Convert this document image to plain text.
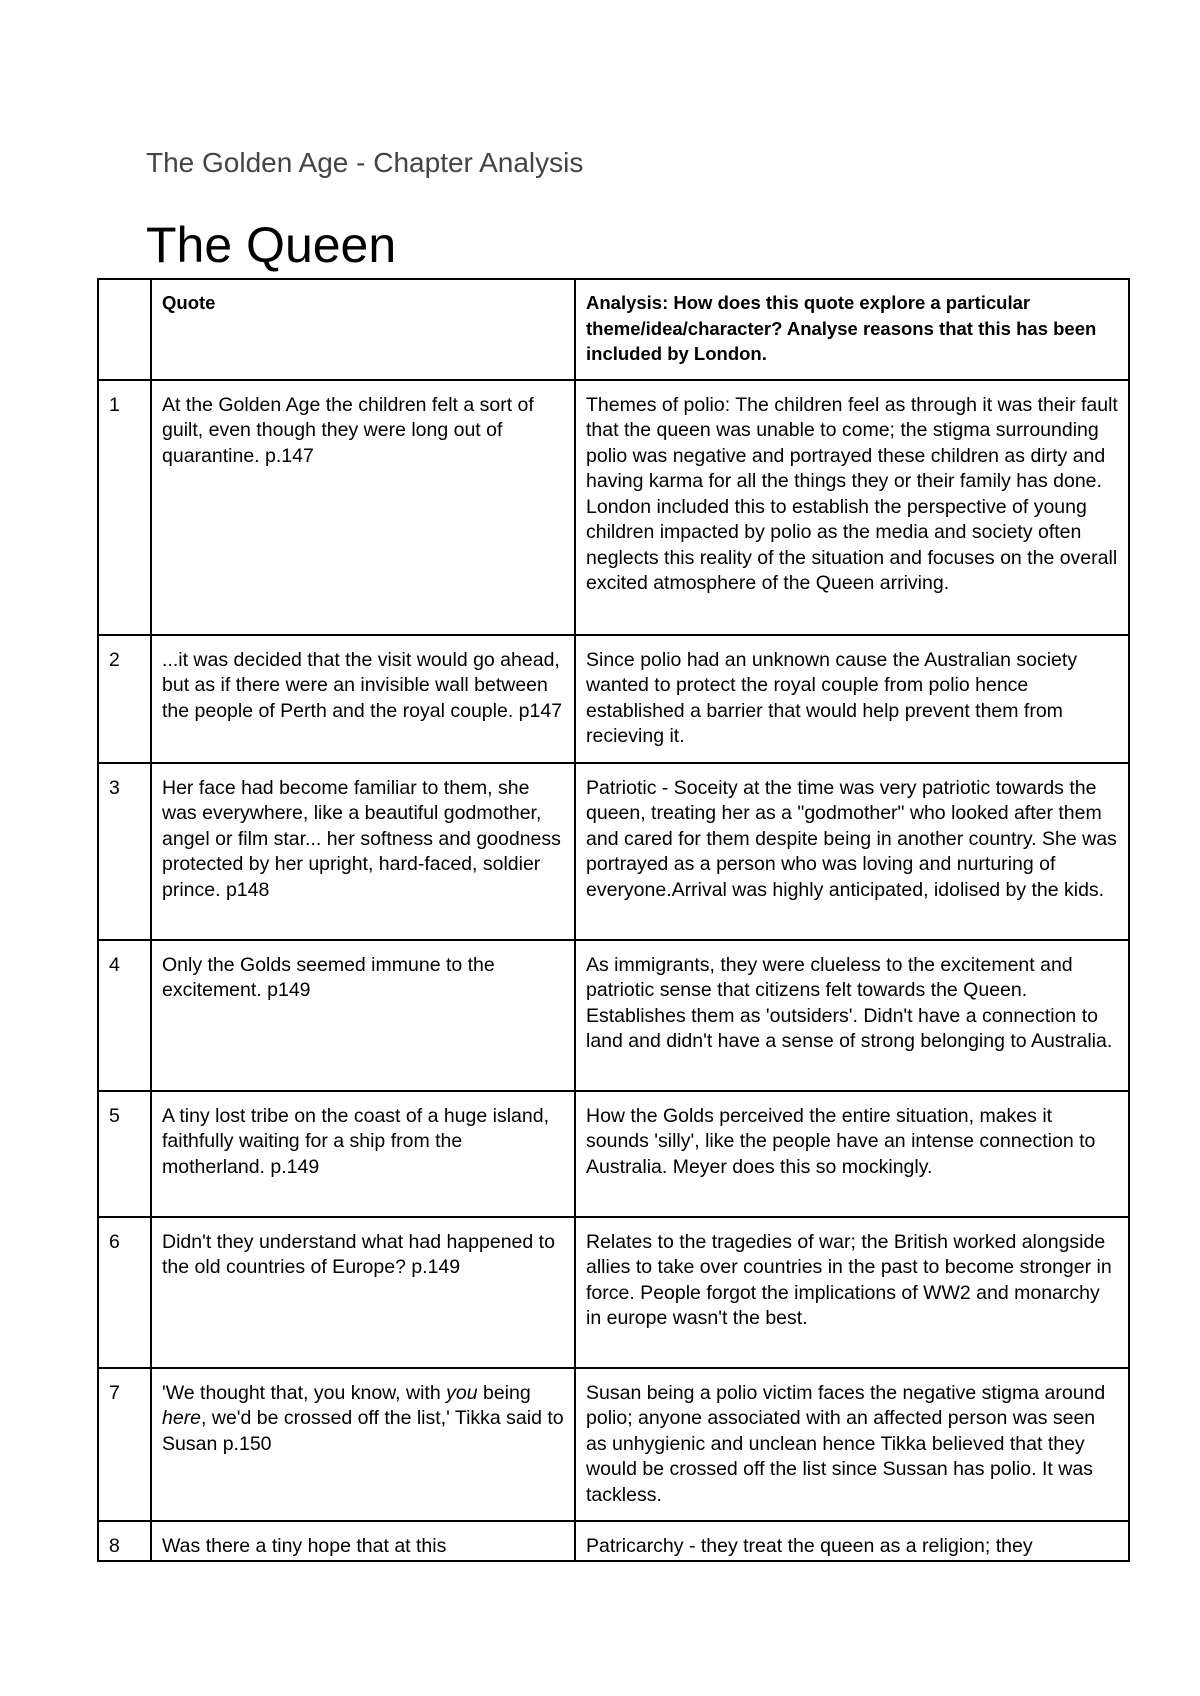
The Golden Age - Chapter Analysis
The Queen
	Quote	Analysis: How does this quote explore a particular theme/idea/character? Analyse reasons that this has been included by London.
1	At the Golden Age the children felt a sort of guilt, even though they were long out of quarantine. p.147	Themes of polio: The children feel as through it was their fault that the queen was unable to come; the stigma surrounding polio was negative and portrayed these children as dirty and having karma for all the things they or their family has done. London included this to establish the perspective of young children impacted by polio as the media and society often neglects this reality of the situation and focuses on the overall excited atmosphere of the Queen arriving.
2	...it was decided that the visit would go ahead, but as if there were an invisible wall between the people of Perth and the royal couple. p147	Since polio had an unknown cause the Australian society wanted to protect the royal couple from polio hence established a barrier that would help prevent them from recieving it.
3	Her face had become familiar to them, she was everywhere, like a beautiful godmother, angel or film star... her softness and goodness protected by her upright, hard-faced, soldier prince. p148	Patriotic - Soceity at the time was very patriotic towards the queen, treating her as a "godmother" who looked after them and cared for them despite being in another country. She was portrayed as a person who was loving and nurturing of everyone.Arrival was highly anticipated, idolised by the kids.
4	Only the Golds seemed immune to the excitement. p149	As immigrants, they were clueless to the excitement and patriotic sense that citizens felt towards the Queen. Establishes them as 'outsiders'. Didn't have a connection to land and didn't have a sense of strong belonging to Australia.
5	A tiny lost tribe on the coast of a huge island, faithfully waiting for a ship from the motherland. p.149	How the Golds perceived the entire situation, makes it sounds 'silly', like the people have an intense connection to Australia. Meyer does this so mockingly.
6	Didn't they understand what had happened to the old countries of Europe? p.149	Relates to the tragedies of war; the British worked alongside allies to take over countries in the past to become stronger in force. People forgot the implications of WW2 and monarchy in europe wasn't the best.
7	'We thought that, you know, with you being here, we'd be crossed off the list,' Tikka said to Susan p.150	Susan being a polio victim faces the negative stigma around polio; anyone associated with an affected person was seen as unhygienic and unclean hence Tikka believed that they would be crossed off the list since Sussan has polio. It was tackless.
8	Was there a tiny hope that at this	Patricarchy - they treat the queen as a religion; they
